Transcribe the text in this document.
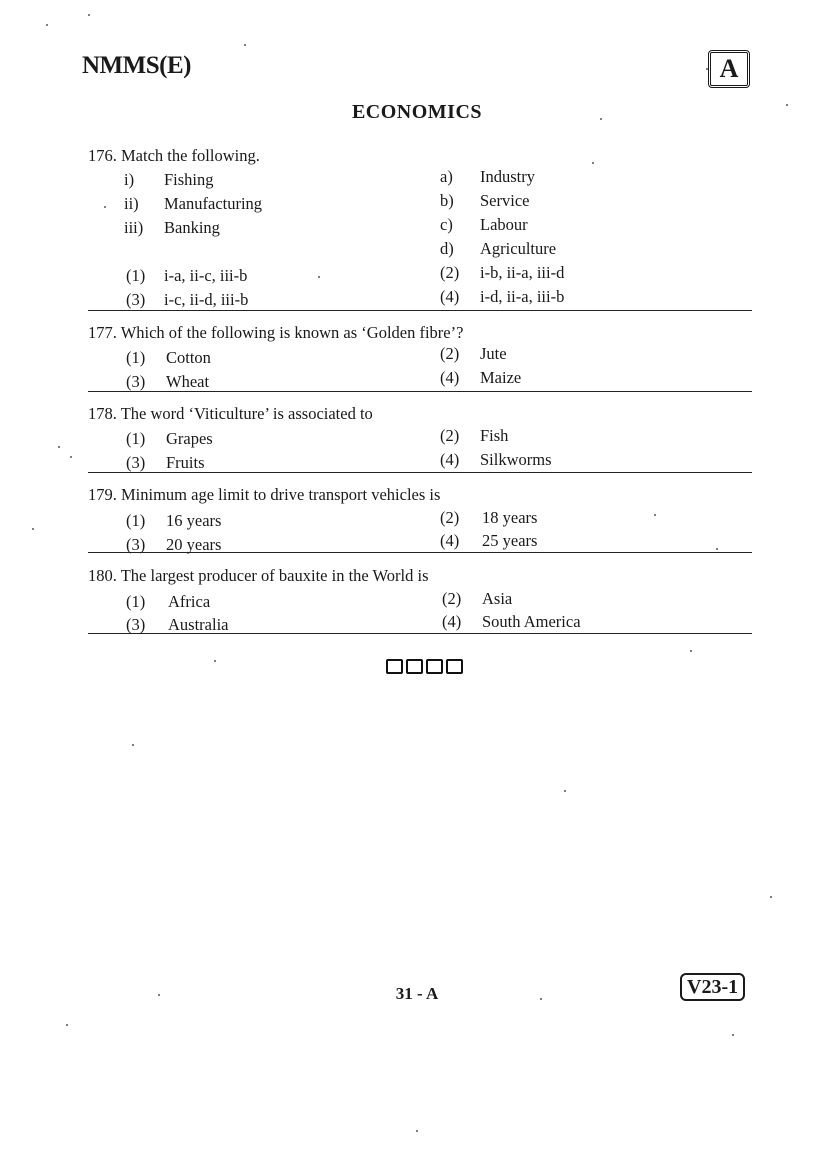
NMMS(E)	A
ECONOMICS
176. Match the following.
i) Fishing
ii) Manufacturing
iii) Banking
a) Industry
b) Service
c) Labour
d) Agriculture
(1) i-a, ii-c, iii-b	(2) i-b, ii-a, iii-d
(3) i-c, ii-d, iii-b	(4) i-d, ii-a, iii-b
177. Which of the following is known as ‘Golden fibre’?
(1) Cotton	(2) Jute
(3) Wheat	(4) Maize
178. The word ‘Viticulture’ is associated to
(1) Grapes	(2) Fish
(3) Fruits	(4) Silkworms
179. Minimum age limit to drive transport vehicles is
(1) 16 years	(2) 18 years
(3) 20 years	(4) 25 years
180. The largest producer of bauxite in the World is
(1) Africa	(2) Asia
(3) Australia	(4) South America
31 - A	V23-1
